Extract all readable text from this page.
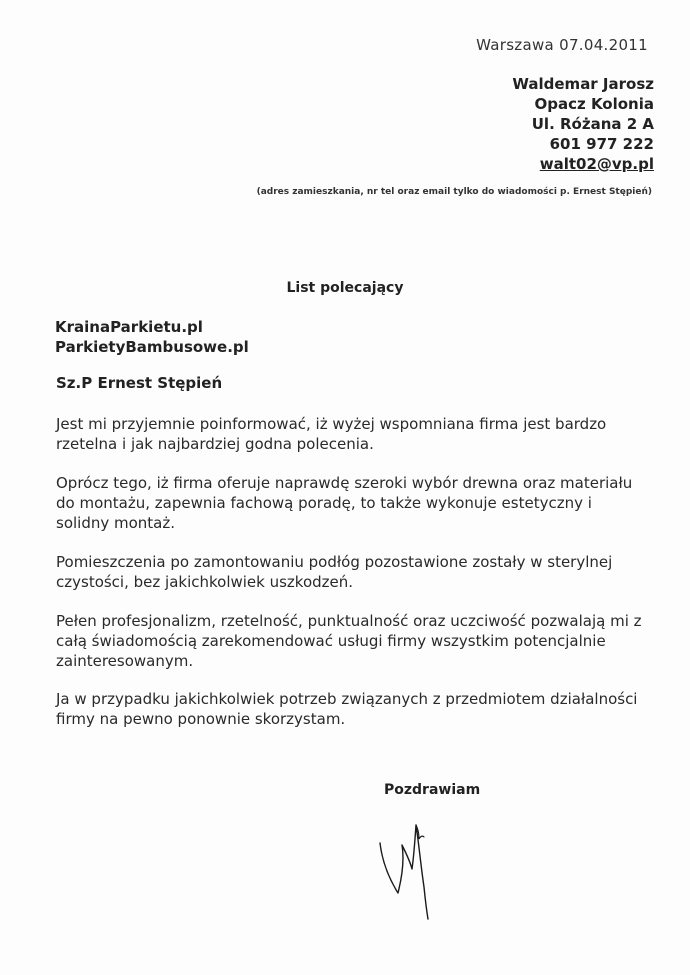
Warszawa 07.04.2011
Waldemar Jarosz
Opacz Kolonia
Ul. Różana 2 A
601 977 222
walt02@vp.pl
(adres zamieszkania, nr tel oraz email tylko do wiadomości p. Ernest Stępień)
List polecający
KrainaParkietu.pl
ParkietyBambusowe.pl
Sz.P Ernest Stępień
Jest mi przyjemnie poinformować, iż wyżej wspomniana firma jest bardzo
rzetelna i jak najbardziej godna polecenia.
Oprócz tego, iż firma oferuje naprawdę szeroki wybór drewna oraz materiału
do montażu, zapewnia fachową poradę, to także wykonuje estetyczny i
solidny montaż.
Pomieszczenia po zamontowaniu podłóg pozostawione zostały w sterylnej
czystości, bez jakichkolwiek uszkodzeń.
Pełen profesjonalizm, rzetelność, punktualność oraz uczciwość pozwalają mi z
całą świadomością zarekomendować usługi firmy wszystkim potencjalnie
zainteresowanym.
Ja w przypadku jakichkolwiek potrzeb związanych z przedmiotem działalności
firmy na pewno ponownie skorzystam.
Pozdrawiam
